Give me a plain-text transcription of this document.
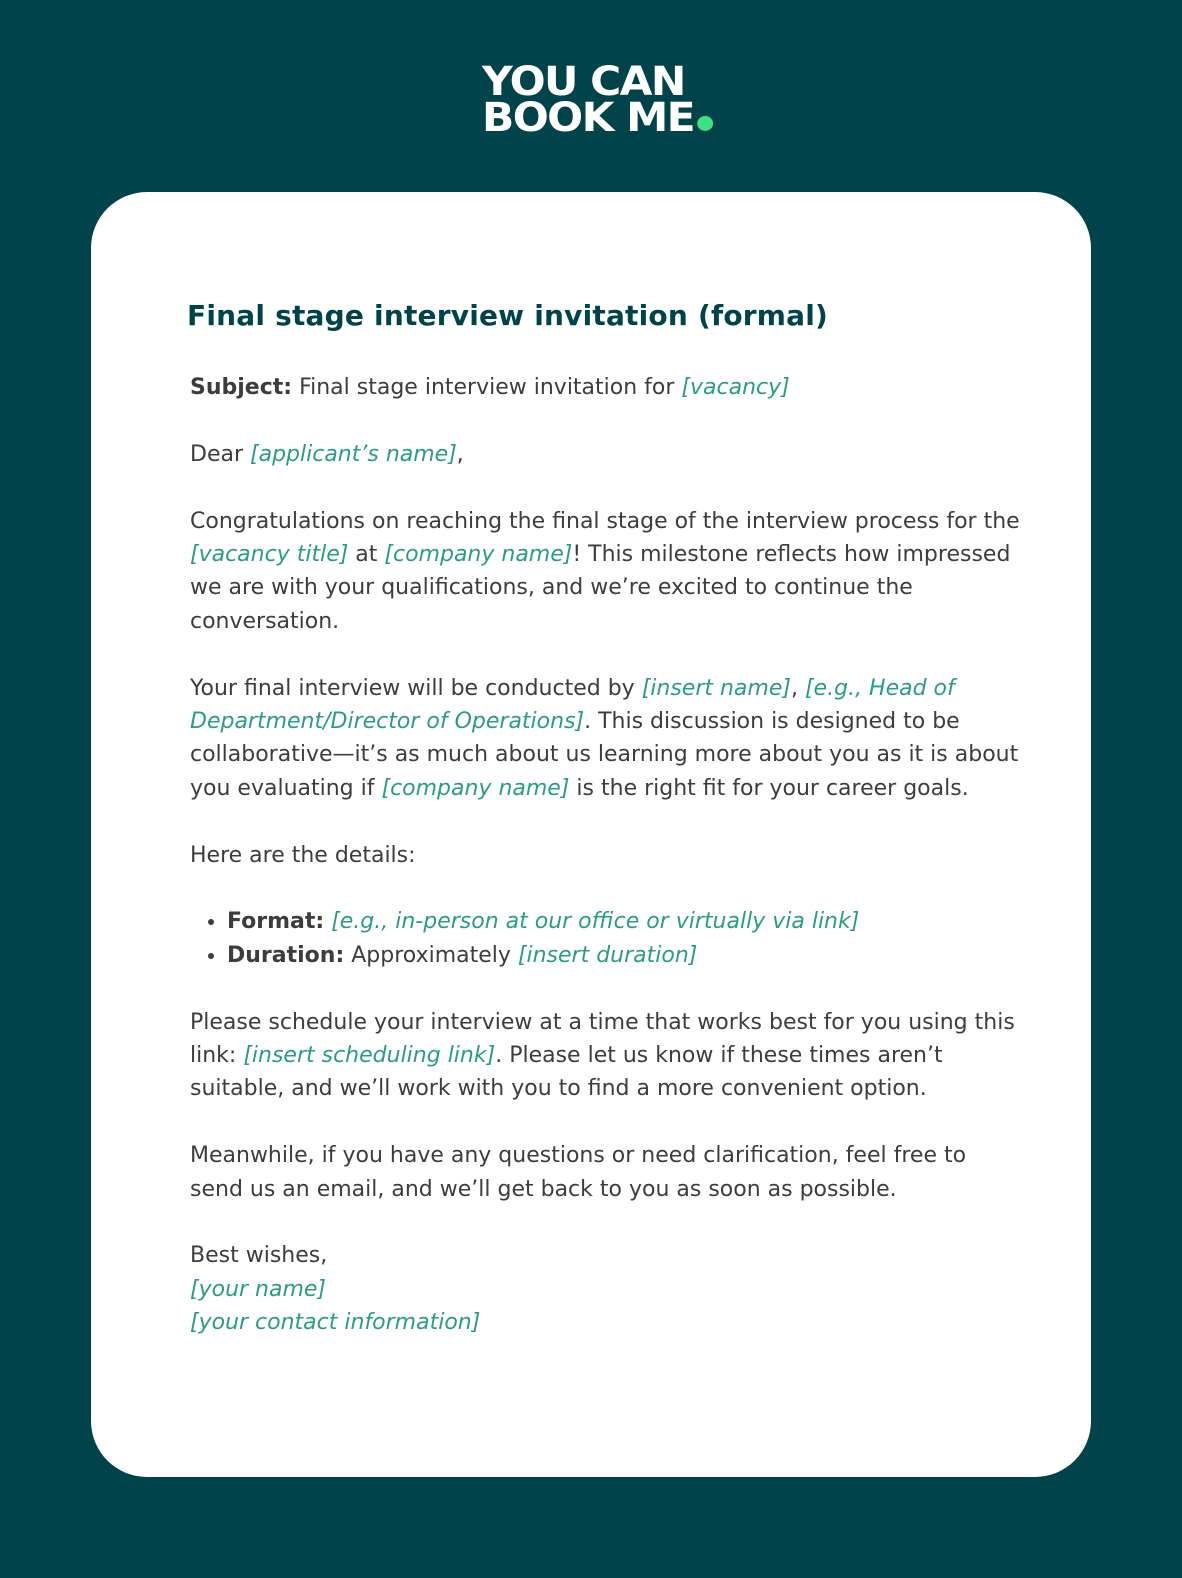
YOU CAN
BOOK ME
Final stage interview invitation (formal)

Subject: Final stage interview invitation for [vacancy]

Dear [applicant’s name],

Congratulations on reaching the final stage of the interview process for the [vacancy title] at [company name]! This milestone reflects how impressed we are with your qualifications, and we’re excited to continue the conversation.

Your final interview will be conducted by [insert name], [e.g., Head of Department/Director of Operations]. This discussion is designed to be collaborative—it’s as much about us learning more about you as it is about you evaluating if [company name] is the right fit for your career goals.

Here are the details:

• Format: [e.g., in-person at our office or virtually via link]
• Duration: Approximately [insert duration]

Please schedule your interview at a time that works best for you using this link: [insert scheduling link]. Please let us know if these times aren’t suitable, and we’ll work with you to find a more convenient option.

Meanwhile, if you have any questions or need clarification, feel free to send us an email, and we’ll get back to you as soon as possible.

Best wishes,
[your name]
[your contact information]
